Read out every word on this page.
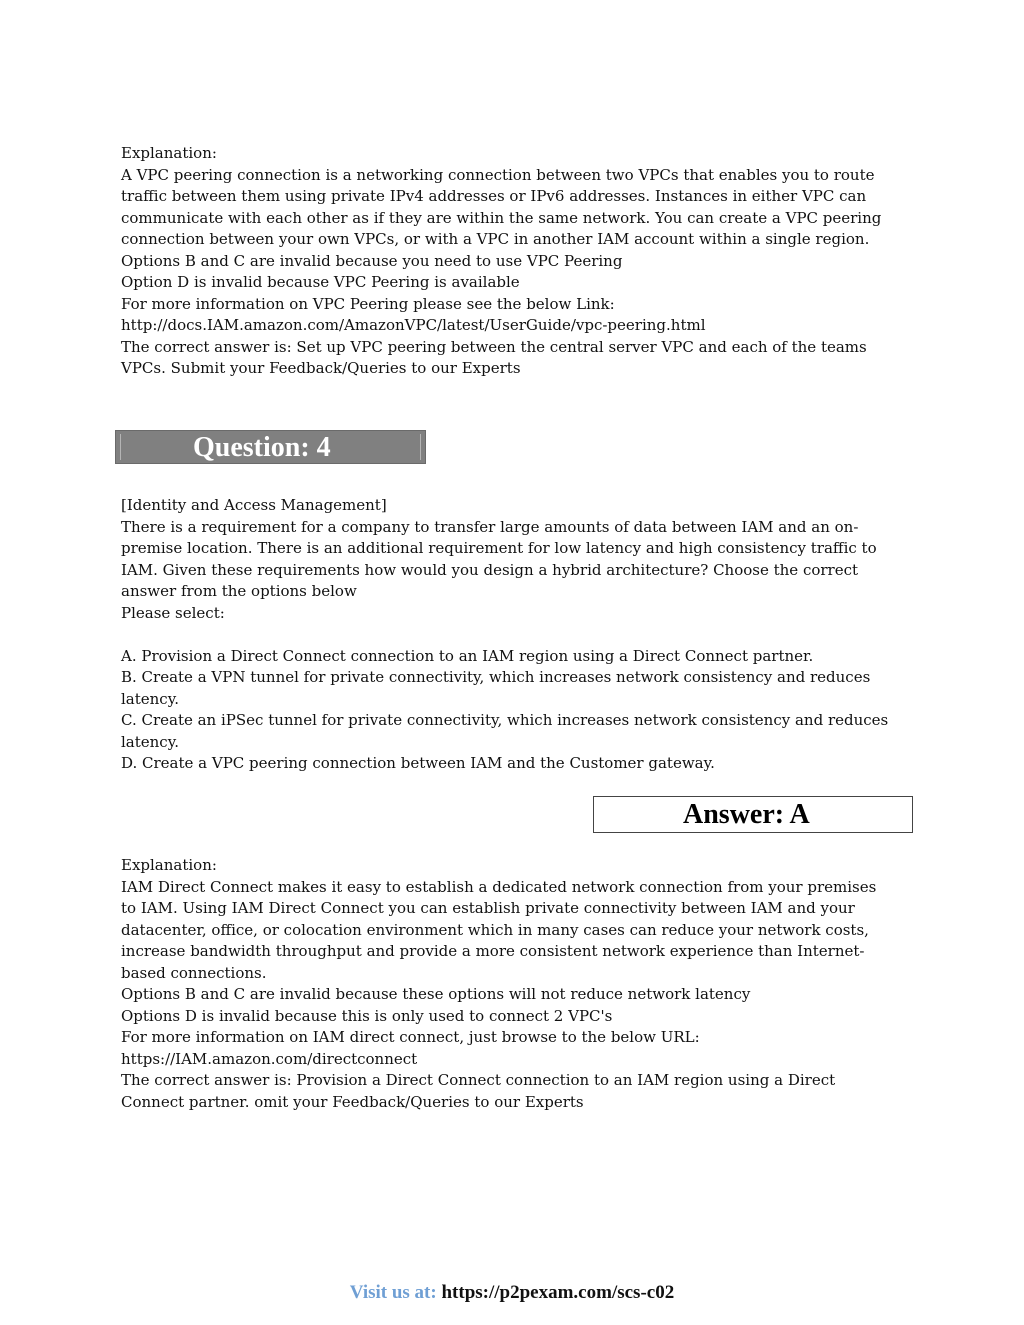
Explanation:

A VPC peering connection is a networking connection between two VPCs that enables you to route

traffic between them using private IPv4 addresses or IPv6 addresses. Instances in either VPC can

communicate with each other as if they are within the same network. You can create a VPC peering

connection between your own VPCs, or with a VPC in another IAM account within a single region.

Options B and C are invalid because you need to use VPC Peering

Option D is invalid because VPC Peering is available

For more information on VPC Peering please see the below Link:

http://docs.IAM.amazon.com/AmazonVPC/latest/UserGuide/vpc-peering.html

The correct answer is: Set up VPC peering between the central server VPC and each of the teams

VPCs. Submit your Feedback/Queries to our Experts

Question: 4

[Identity and Access Management]

There is a requirement for a company to transfer large amounts of data between IAM and an on-

premise location. There is an additional requirement for low latency and high consistency traffic to

IAM. Given these requirements how would you design a hybrid architecture? Choose the correct

answer from the options below

Please select:

A. Provision a Direct Connect connection to an IAM region using a Direct Connect partner.

B. Create a VPN tunnel for private connectivity, which increases network consistency and reduces

latency.

C. Create an iPSec tunnel for private connectivity, which increases network consistency and reduces

latency.

D. Create a VPC peering connection between IAM and the Customer gateway.

Answer: A

Explanation:

IAM Direct Connect makes it easy to establish a dedicated network connection from your premises

to IAM. Using IAM Direct Connect you can establish private connectivity between IAM and your

datacenter, office, or colocation environment which in many cases can reduce your network costs,

increase bandwidth throughput and provide a more consistent network experience than Internet-

based connections.

Options B and C are invalid because these options will not reduce network latency

Options D is invalid because this is only used to connect 2 VPC's

For more information on IAM direct connect, just browse to the below URL:

https://IAM.amazon.com/directconnect

The correct answer is: Provision a Direct Connect connection to an IAM region using a Direct

Connect partner. omit your Feedback/Queries to our Experts

Visit us at: https://p2pexam.com/scs-c02
